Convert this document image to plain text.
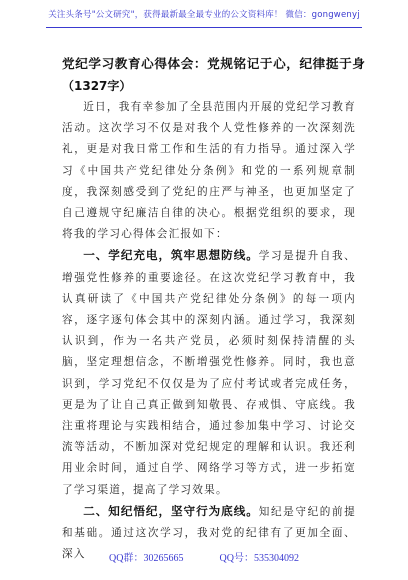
关注头条号"公文研究"，获得最新最全最专业的公文资料库！ 微信：gongwenyj
党纪学习教育心得体会：党规铭记于心，纪律挺于身
（1327字）

近日，我有幸参加了全县范围内开展的党纪学习教育活动。这次学习不仅是对我个人党性修养的一次深刻洗礼，更是对我日常工作和生活的有力指导。通过深入学习《中国共产党纪律处分条例》和党的一系列规章制度，我深刻感受到了党纪的庄严与神圣，也更加坚定了自己遵规守纪廉洁自律的决心。根据党组织的要求，现将我的学习心得体会汇报如下：

一、学纪充电，筑牢思想防线。学习是提升自我、增强党性修养的重要途径。在这次党纪学习教育中，我认真研读了《中国共产党纪律处分条例》的每一项内容，逐字逐句体会其中的深刻内涵。通过学习，我深刻认识到，作为一名共产党员，必须时刻保持清醒的头脑，坚定理想信念，不断增强党性修养。同时，我也意识到，学习党纪不仅仅是为了应付考试或者完成任务，更是为了让自己真正做到知敬畏、存戒惧、守底线。我注重将理论与实践相结合，通过参加集中学习、讨论交流等活动，不断加深对党纪规定的理解和认识。我还利用业余时间，通过自学、网络学习等方式，进一步拓宽了学习渠道，提高了学习效果。

二、知纪悟纪，坚守行为底线。知纪是守纪的前提和基础。通过这次学习，我对党的纪律有了更加全面、深入	QQ群：30265665	QQ号：535304092
